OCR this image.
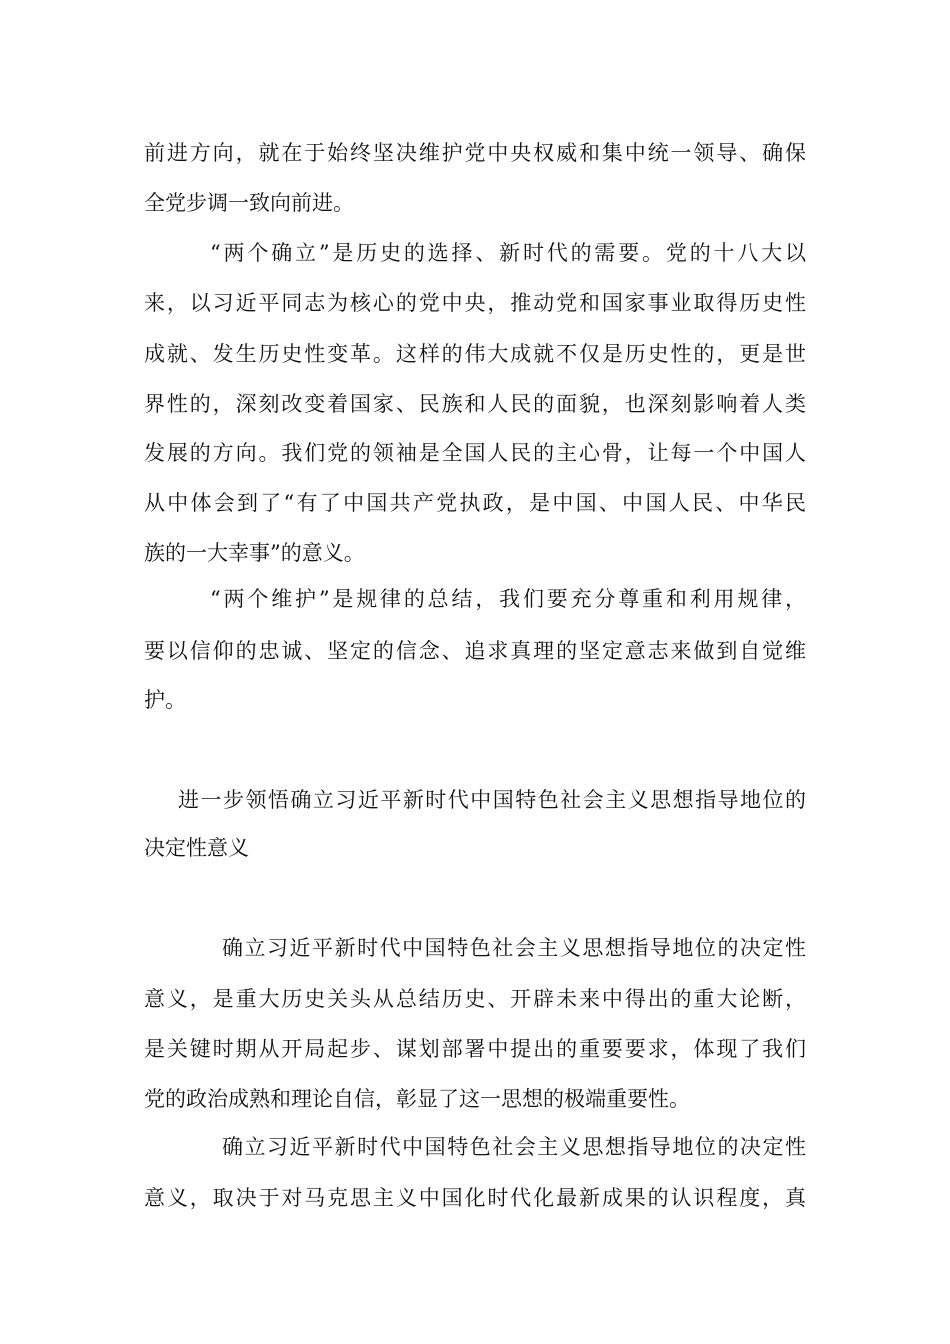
前进方向，就在于始终坚决维护党中央权威和集中统一领导、确保
全党步调一致向前进。
“两个确立”是历史的选择、新时代的需要。党的十八大以
来，以习近平同志为核心的党中央，推动党和国家事业取得历史性
成就、发生历史性变革。这样的伟大成就不仅是历史性的，更是世
界性的，深刻改变着国家、民族和人民的面貌，也深刻影响着人类
发展的方向。我们党的领袖是全国人民的主心骨，让每一个中国人
从中体会到了“有了中国共产党执政，是中国、中国人民、中华民
族的一大幸事”的意义。
“两个维护”是规律的总结，我们要充分尊重和利用规律，
要以信仰的忠诚、坚定的信念、追求真理的坚定意志来做到自觉维
护。
进一步领悟确立习近平新时代中国特色社会主义思想指导地位的
决定性意义
确立习近平新时代中国特色社会主义思想指导地位的决定性
意义，是重大历史关头从总结历史、开辟未来中得出的重大论断，
是关键时期从开局起步、谋划部署中提出的重要要求，体现了我们
党的政治成熟和理论自信，彰显了这一思想的极端重要性。
确立习近平新时代中国特色社会主义思想指导地位的决定性
意义，取决于对马克思主义中国化时代化最新成果的认识程度，真
